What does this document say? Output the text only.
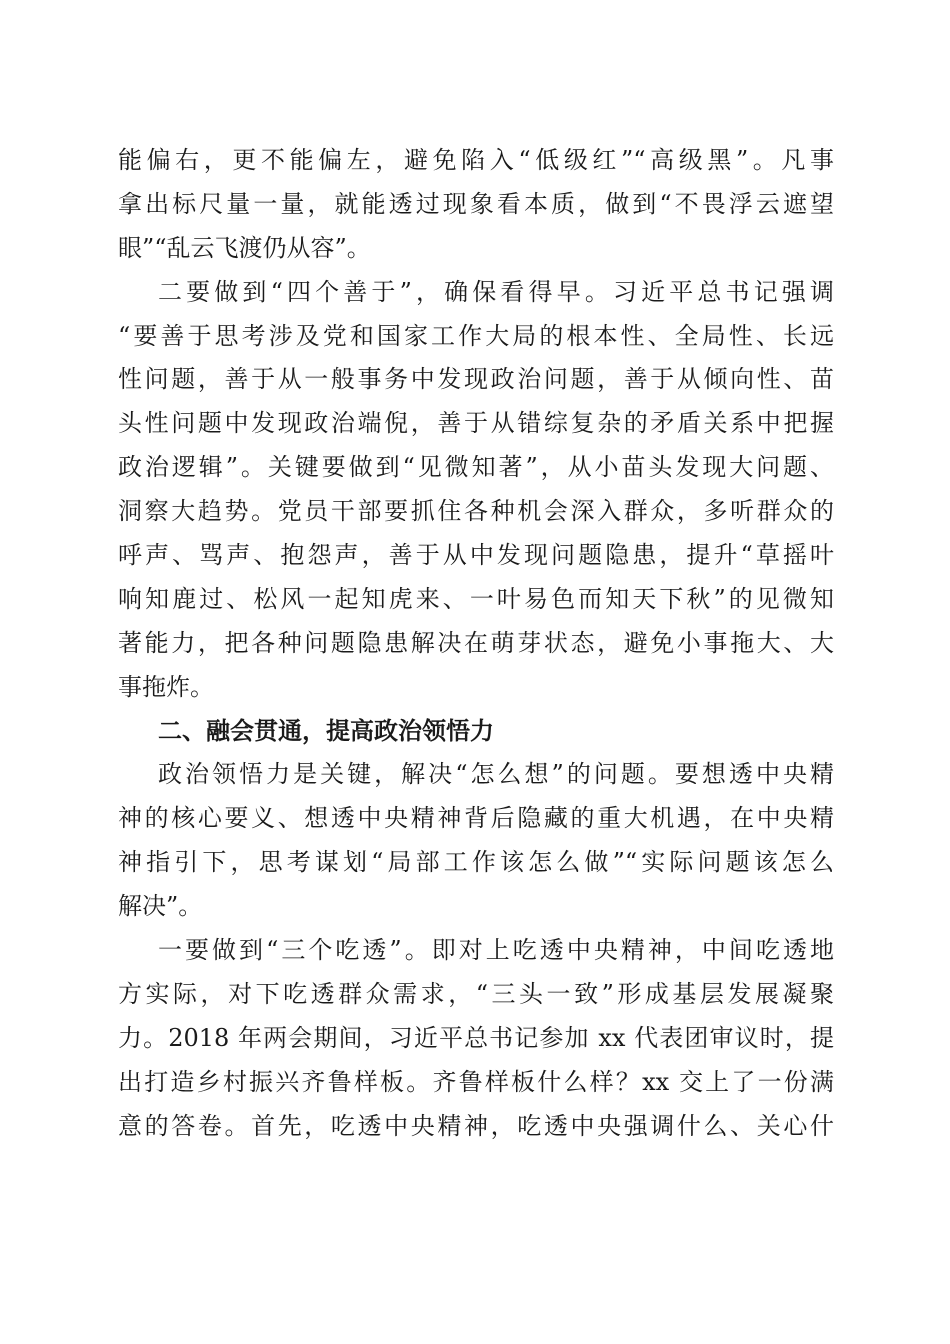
能偏右，更不能偏左，避免陷入“低级红”“高级黑”。凡事
拿出标尺量一量，就能透过现象看本质，做到“不畏浮云遮望
眼”“乱云飞渡仍从容”。
二要做到“四个善于”，确保看得早。习近平总书记强调
“要善于思考涉及党和国家工作大局的根本性、全局性、长远
性问题，善于从一般事务中发现政治问题，善于从倾向性、苗
头性问题中发现政治端倪，善于从错综复杂的矛盾关系中把握
政治逻辑”。关键要做到“见微知著”，从小苗头发现大问题、
洞察大趋势。党员干部要抓住各种机会深入群众，多听群众的
呼声、骂声、抱怨声，善于从中发现问题隐患，提升“草摇叶
响知鹿过、松风一起知虎来、一叶易色而知天下秋”的见微知
著能力，把各种问题隐患解决在萌芽状态，避免小事拖大、大
事拖炸。
二、融会贯通，提高政治领悟力
政治领悟力是关键，解决“怎么想”的问题。要想透中央精
神的核心要义、想透中央精神背后隐藏的重大机遇，在中央精
神指引下，思考谋划“局部工作该怎么做”“实际问题该怎么
解决”。
一要做到“三个吃透”。即对上吃透中央精神，中间吃透地
方实际，对下吃透群众需求，“三头一致”形成基层发展凝聚
力。2018 年两会期间，习近平总书记参加 xx 代表团审议时，提
出打造乡村振兴齐鲁样板。齐鲁样板什么样？xx 交上了一份满
意的答卷。首先，吃透中央精神，吃透中央强调什么、关心什
